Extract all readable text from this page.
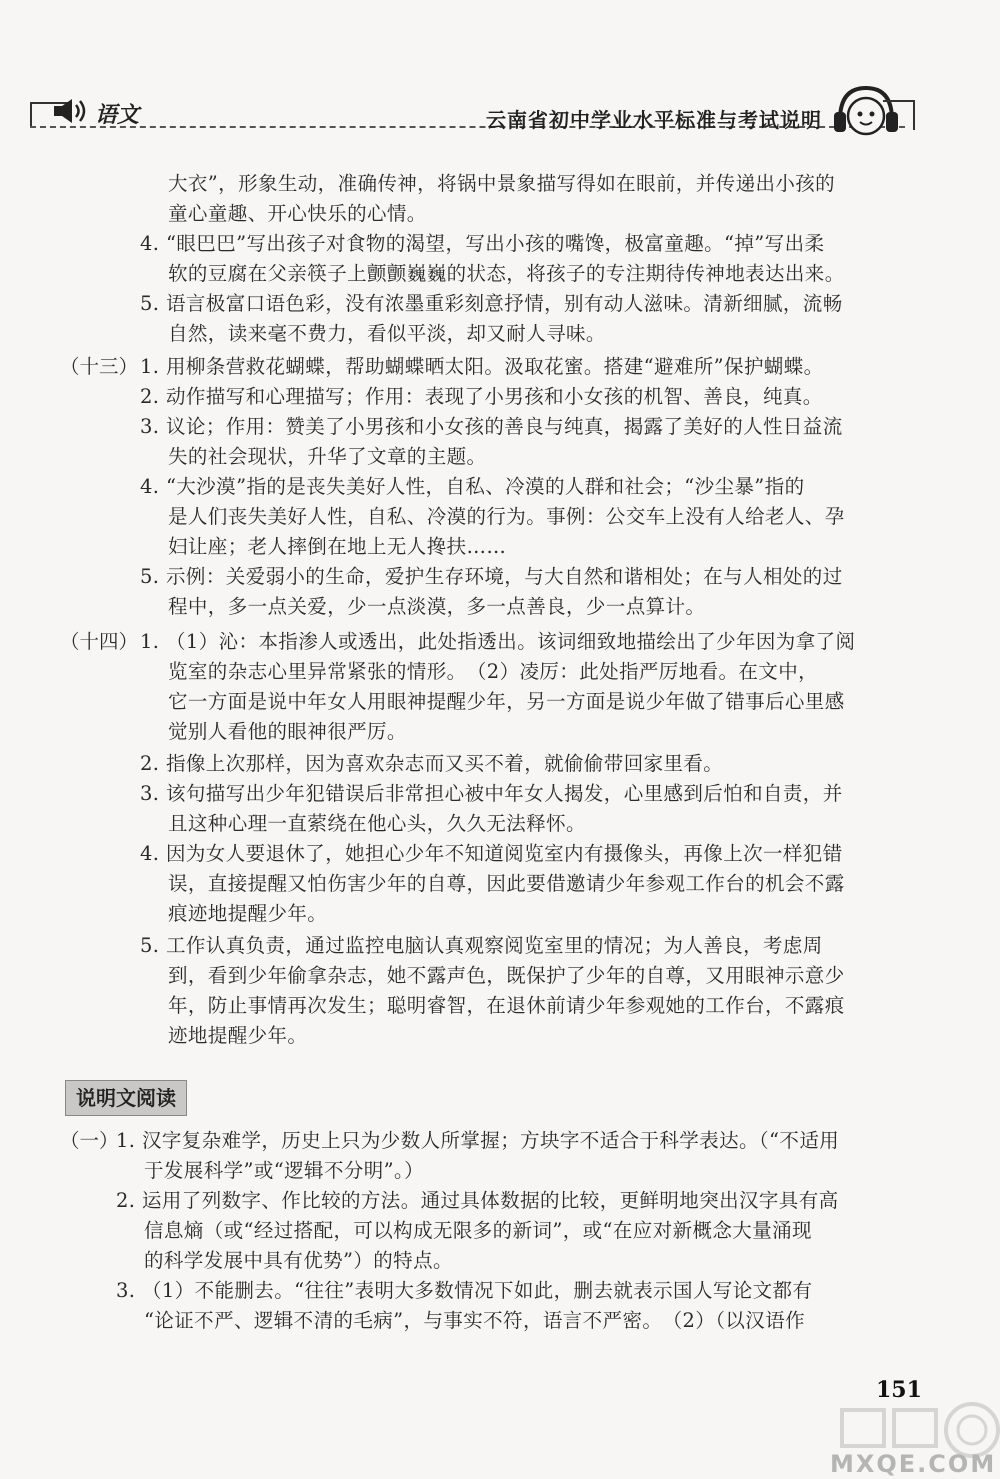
语文	云南省初中学业水平标准与考试说明
大衣”，形象生动，准确传神，将锅中景象描写得如在眼前，并传递出小孩的
童心童趣、开心快乐的心情。
4. “眼巴巴”写出孩子对食物的渴望，写出小孩的嘴馋，极富童趣。“掉”写出柔
软的豆腐在父亲筷子上颤颤巍巍的状态，将孩子的专注期待传神地表达出来。
5. 语言极富口语色彩，没有浓墨重彩刻意抒情，别有动人滋味。清新细腻，流畅
自然，读来毫不费力，看似平淡，却又耐人寻味。
（十三） 1. 用柳条营救花蝴蝶，帮助蝴蝶晒太阳。汲取花蜜。搭建“避难所”保护蝴蝶。
2. 动作描写和心理描写；作用：表现了小男孩和小女孩的机智、善良，纯真。
3. 议论；作用：赞美了小男孩和小女孩的善良与纯真，揭露了美好的人性日益流
失的社会现状，升华了文章的主题。
4. “大沙漠”指的是丧失美好人性，自私、冷漠的人群和社会；“沙尘暴”指的
是人们丧失美好人性，自私、冷漠的行为。事例：公交车上没有人给老人、孕
妇让座；老人摔倒在地上无人搀扶……
5. 示例：关爱弱小的生命，爱护生存环境，与大自然和谐相处；在与人相处的过
程中，多一点关爱，少一点淡漠，多一点善良，少一点算计。
（十四） 1. （1）沁：本指渗人或透出，此处指透出。该词细致地描绘出了少年因为拿了阅
览室的杂志心里异常紧张的情形。　（2）凌厉：此处指严厉地看。在文中，
它一方面是说中年女人用眼神提醒少年，另一方面是说少年做了错事后心里感
觉别人看他的眼神很严厉。
2. 指像上次那样，因为喜欢杂志而又买不着，就偷偷带回家里看。
3. 该句描写出少年犯错误后非常担心被中年女人揭发，心里感到后怕和自责，并
且这种心理一直萦绕在他心头，久久无法释怀。
4. 因为女人要退休了，她担心少年不知道阅览室内有摄像头，再像上次一样犯错
误，直接提醒又怕伤害少年的自尊，因此要借邀请少年参观工作台的机会不露
痕迹地提醒少年。
5. 工作认真负责，通过监控电脑认真观察阅览室里的情况；为人善良，考虑周
到，看到少年偷拿杂志，她不露声色，既保护了少年的自尊，又用眼神示意少
年，防止事情再次发生；聪明睿智，在退休前请少年参观她的工作台，不露痕
迹地提醒少年。
说明文阅读
（一）
1. 汉字复杂难学，历史上只为少数人所掌握；方块字不适合于科学表达。（“不适用
于发展科学”或“逻辑不分明”。）
2. 运用了列数字、作比较的方法。通过具体数据的比较，更鲜明地突出汉字具有高
信息熵（或“经过搭配，可以构成无限多的新词”，或“在应对新概念大量涌现
的科学发展中具有优势”）的特点。
3. （1）不能删去。“往往”表明大多数情况下如此，删去就表示国人写论文都有
“论证不严、逻辑不清的毛病”，与事实不符，语言不严密。　（2）（以汉语作
151
MXQE.COM
